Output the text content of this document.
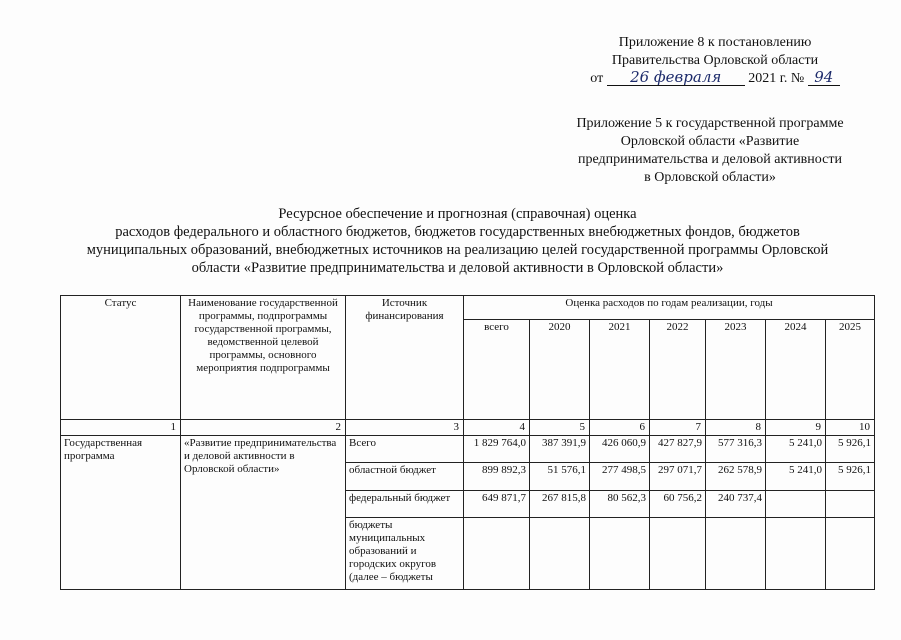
Приложение 8 к постановлению
Правительства Орловской области
от 26 февраля 2021 г. № 94
Приложение 5 к государственной программе
Орловской области «Развитие
предпринимательства и деловой активности
в Орловской области»
Ресурсное обеспечение и прогнозная (справочная) оценка
расходов федерального и областного бюджетов, бюджетов государственных внебюджетных фондов, бюджетов
муниципальных образований, внебюджетных источников на реализацию целей государственной программы Орловской
области «Развитие предпринимательства и деловой активности в Орловской области»
Статус	Наименование государственной программы, подпрограммы государственной программы, ведомственной целевой программы, основного мероприятия подпрограммы	Источник финансирования	Оценка расходов по годам реализации, годы						
			всего	2020	2021	2022	2023	2024	2025
1	2	3	4	5	6	7	8	9	10
Государственная программа	«Развитие предпринимательства и деловой активности в Орловской области»	Всего	1 829 764,0	387 391,9	426 060,9	427 827,9	577 316,3	5 241,0	5 926,1
		областной бюджет	899 892,3	51 576,1	277 498,5	297 071,7	262 578,9	5 241,0	5 926,1
		федеральный бюджет	649 871,7	267 815,8	80 562,3	60 756,2	240 737,4		
		бюджеты муниципальных образований и городских округов (далее – бюджеты							
